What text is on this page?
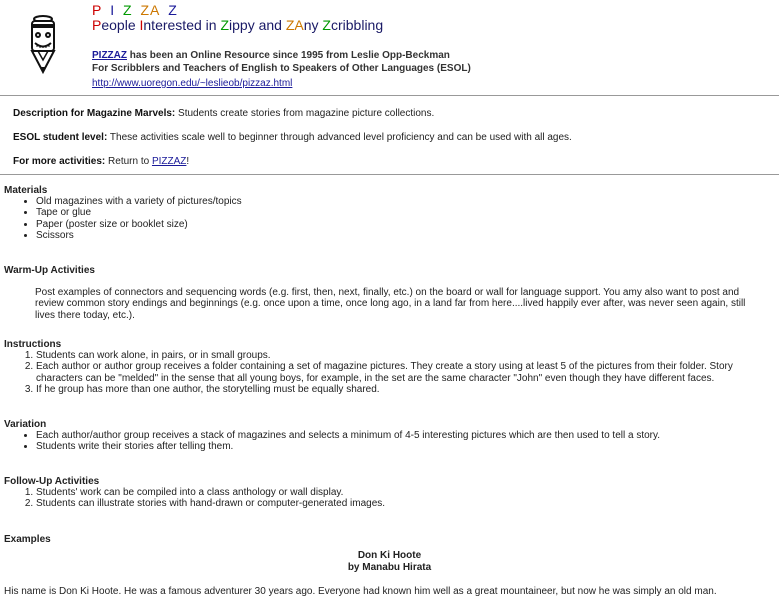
P I Z ZA Z
People Interested in Zippy and ZAny Zcribbling
PIZZAZ has been an Online Resource since 1995 from Leslie Opp-Beckman
For Scribblers and Teachers of English to Speakers of Other Languages (ESOL)
http://www.uoregon.edu/~leslieob/pizzaz.html

Description for Magazine Marvels: Students create stories from magazine picture collections.

ESOL student level: These activities scale well to beginner through advanced level proficiency and can be used with all ages.

For more activities: Return to PIZZAZ!

Materials
• Old magazines with a variety of pictures/topics
• Tape or glue
• Paper (poster size or booklet size)
• Scissors
Warm-Up Activities
Post examples of connectors and sequencing words (e.g. first, then, next, finally, etc.) on the board or wall for language support. You amy also want to post and review common story endings and beginnings (e.g. once upon a time, once long ago, in a land far from here....lived happily ever after, was never seen again, still lives there today, etc.).
Instructions
1. Students can work alone, in pairs, or in small groups.
2. Each author or author group receives a folder containing a set of magazine pictures. They create a story using at least 5 of the pictures from their folder. Story characters can be "melded" in the sense that all young boys, for example, in the set are the same character "John" even though they have different faces.
3. If he group has more than one author, the storytelling must be equally shared.
Variation
• Each author/author group receives a stack of magazines and selects a minimum of 4-5 interesting pictures which are then used to tell a story.
• Students write their stories after telling them.
Follow-Up Activities
1. Students' work can be compiled into a class anthology or wall display.
2. Students can illustrate stories with hand-drawn or computer-generated images.
Examples
Don Ki Hoote
by Manabu Hirata
His name is Don Ki Hoote. He was a famous adventurer 30 years ago. Everyone had known him well as a great mountaineer, but now he was simply an old man.
